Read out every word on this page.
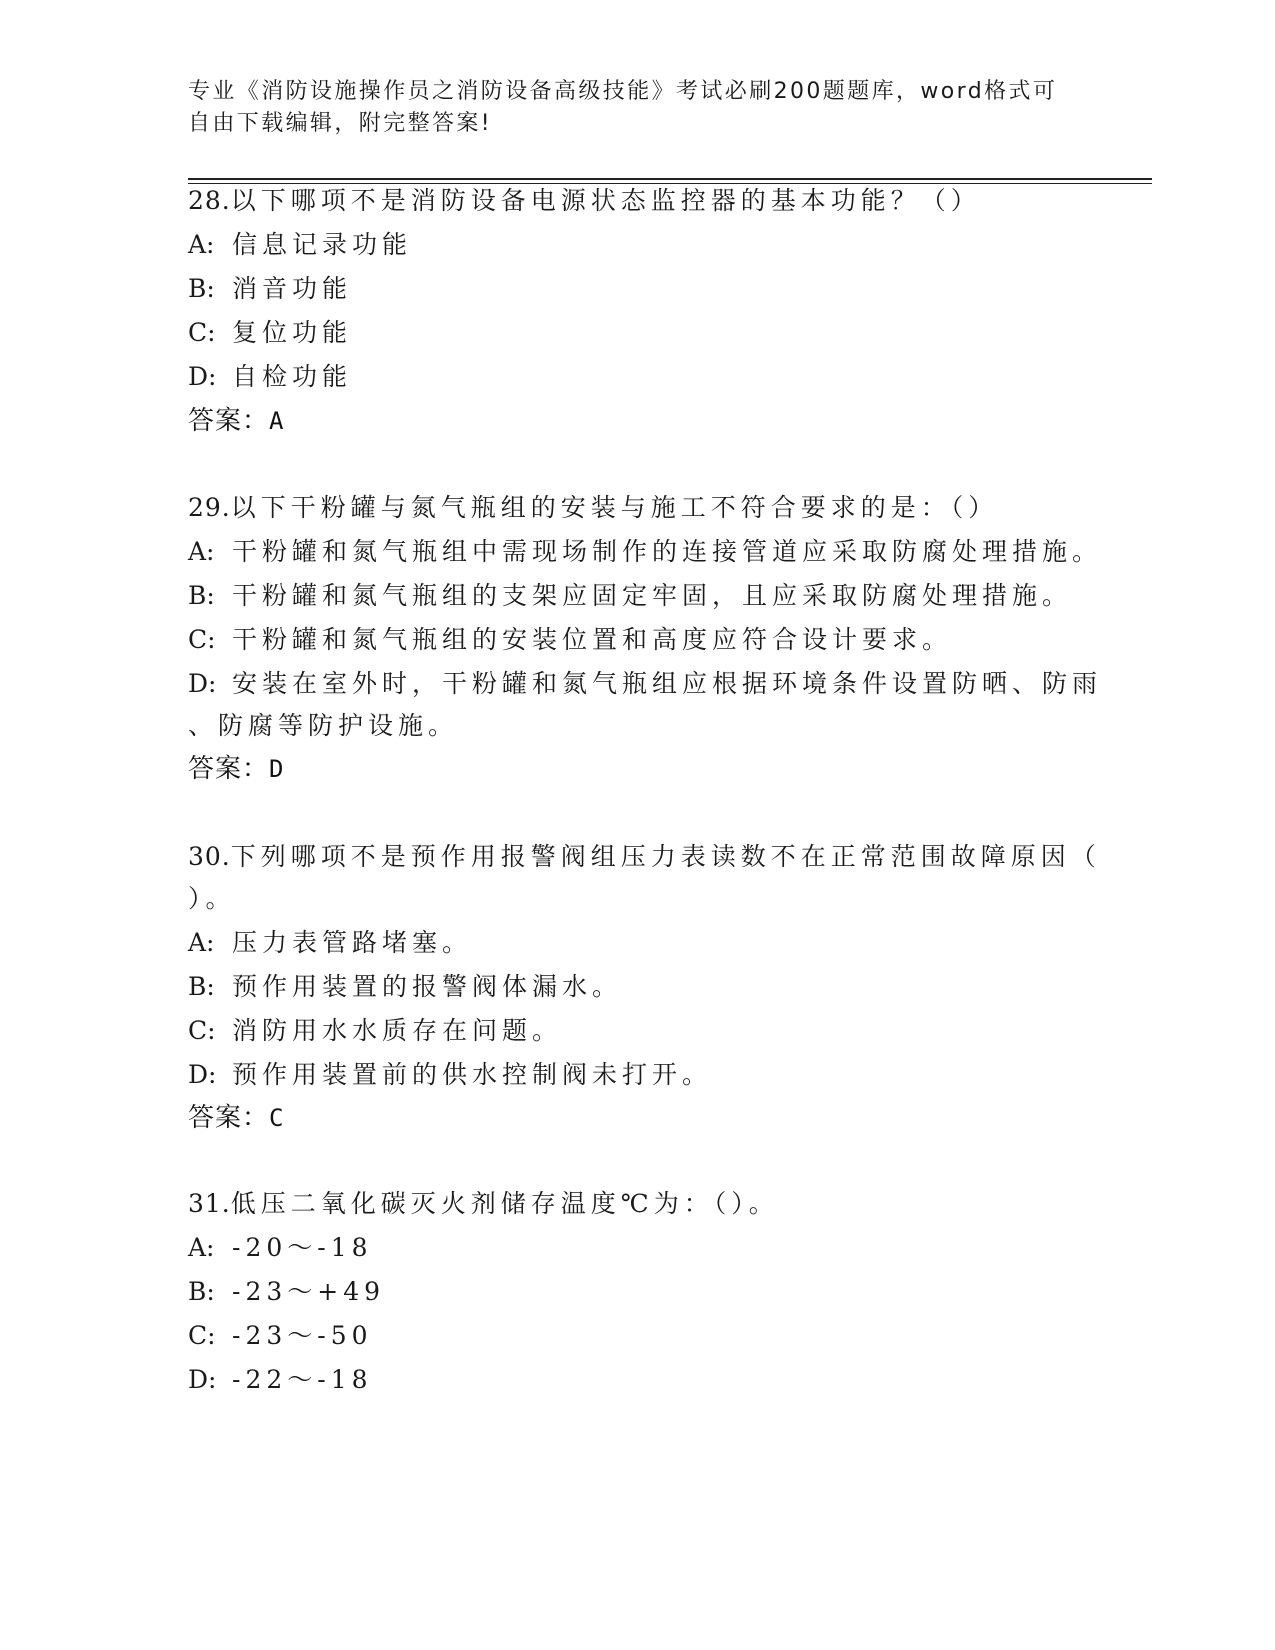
专业《消防设施操作员之消防设备高级技能》考试必刷200题题库，word格式可
自由下载编辑，附完整答案!
28.以下哪项不是消防设备电源状态监控器的基本功能？（）
A: 信息记录功能
B: 消音功能
C: 复位功能
D: 自检功能
答案：A
29.以下干粉罐与氮气瓶组的安装与施工不符合要求的是：（）
A: 干粉罐和氮气瓶组中需现场制作的连接管道应采取防腐处理措施。
B: 干粉罐和氮气瓶组的支架应固定牢固，且应采取防腐处理措施。
C: 干粉罐和氮气瓶组的安装位置和高度应符合设计要求。
D: 安装在室外时，干粉罐和氮气瓶组应根据环境条件设置防晒、防雨
、防腐等防护设施。
答案：D
30.下列哪项不是预作用报警阀组压力表读数不在正常范围故障原因（
）。
A: 压力表管路堵塞。
B: 预作用装置的报警阀体漏水。
C: 消防用水水质存在问题。
D: 预作用装置前的供水控制阀未打开。
答案：C
31.低压二氧化碳灭火剂储存温度℃为：（）。
A: -20～-18
B: -23～+49
C: -23～-50
D: -22～-18
